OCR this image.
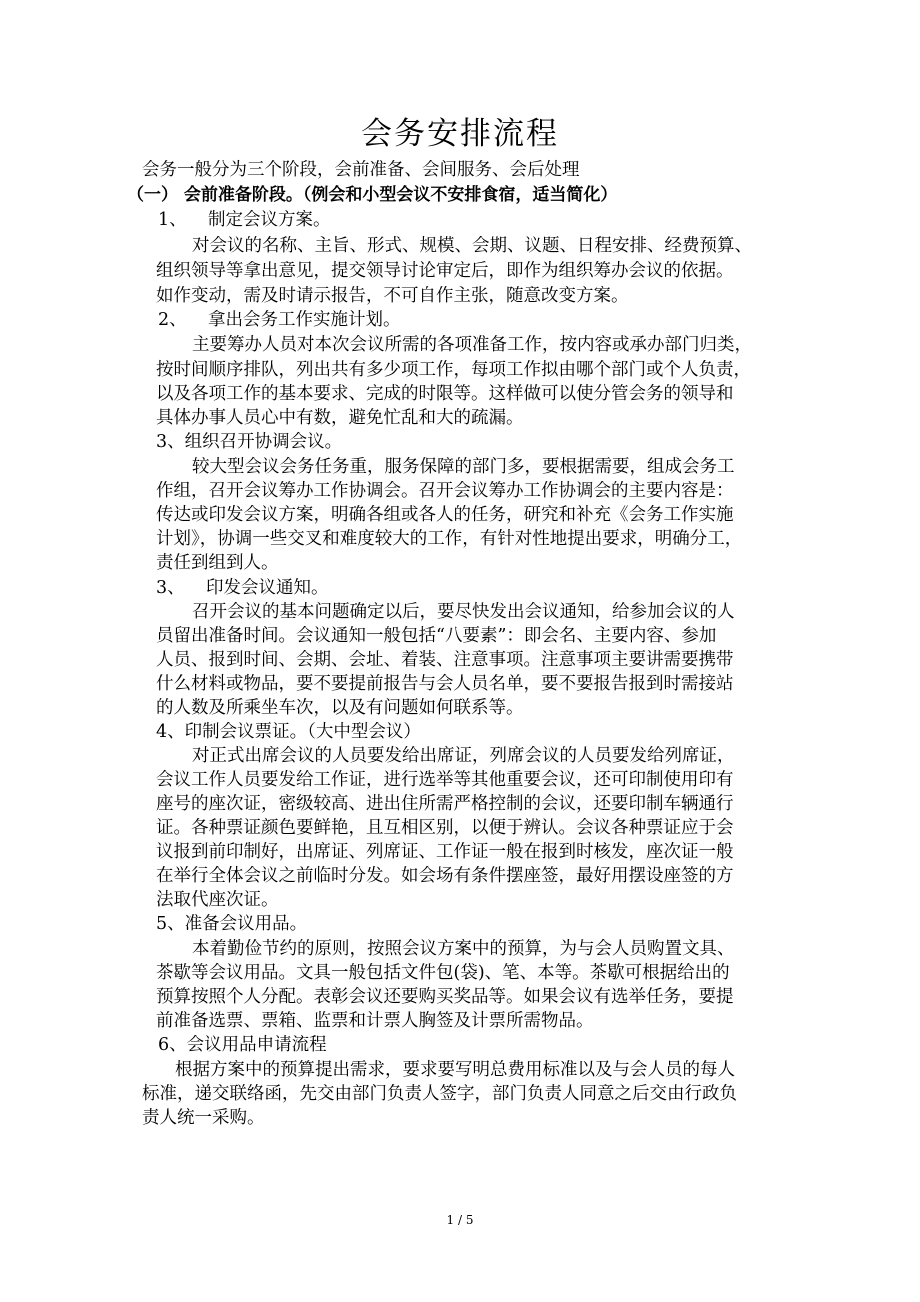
会务安排流程
会务一般分为三个阶段，会前准备、会间服务、会后处理
（一） 会前准备阶段。（例会和小型会议不安排食宿，适当简化）
1、 制定会议方案。
对会议的名称、主旨、形式、规模、会期、议题、日程安排、经费预算、
组织领导等拿出意见，提交领导讨论审定后，即作为组织筹办会议的依据。
如作变动，需及时请示报告，不可自作主张，随意改变方案。
2、 拿出会务工作实施计划。
主要筹办人员对本次会议所需的各项准备工作，按内容或承办部门归类，
按时间顺序排队，列出共有多少项工作，每项工作拟由哪个部门或个人负责，
以及各项工作的基本要求、完成的时限等。这样做可以使分管会务的领导和
具体办事人员心中有数，避免忙乱和大的疏漏。
3、组织召开协调会议。
较大型会议会务任务重，服务保障的部门多，要根据需要，组成会务工
作组，召开会议筹办工作协调会。召开会议筹办工作协调会的主要内容是：
传达或印发会议方案，明确各组或各人的任务，研究和补充《会务工作实施
计划》，协调一些交叉和难度较大的工作，有针对性地提出要求，明确分工，
责任到组到人。
3、 印发会议通知。
召开会议的基本问题确定以后，要尽快发出会议通知，给参加会议的人
员留出准备时间。会议通知一般包括“八要素”：即会名、主要内容、参加
人员、报到时间、会期、会址、着装、注意事项。注意事项主要讲需要携带
什么材料或物品，要不要提前报告与会人员名单，要不要报告报到时需接站
的人数及所乘坐车次，以及有问题如何联系等。
4、印制会议票证。（大中型会议）
对正式出席会议的人员要发给出席证，列席会议的人员要发给列席证，
会议工作人员要发给工作证，进行选举等其他重要会议，还可印制使用印有
座号的座次证，密级较高、进出住所需严格控制的会议，还要印制车辆通行
证。各种票证颜色要鲜艳，且互相区别，以便于辨认。会议各种票证应于会
议报到前印制好，出席证、列席证、工作证一般在报到时核发，座次证一般
在举行全体会议之前临时分发。如会场有条件摆座签，最好用摆设座签的方
法取代座次证。
5、准备会议用品。
本着勤俭节约的原则，按照会议方案中的预算，为与会人员购置文具、
茶歇等会议用品。文具一般包括文件包(袋)、笔、本等。茶歇可根据给出的
预算按照个人分配。表彰会议还要购买奖品等。如果会议有选举任务，要提
前准备选票、票箱、监票和计票人胸签及计票所需物品。
6、会议用品申请流程
根据方案中的预算提出需求，要求要写明总费用标准以及与会人员的每人
标准，递交联络函，先交由部门负责人签字，部门负责人同意之后交由行政负
责人统一采购。
1 / 5
